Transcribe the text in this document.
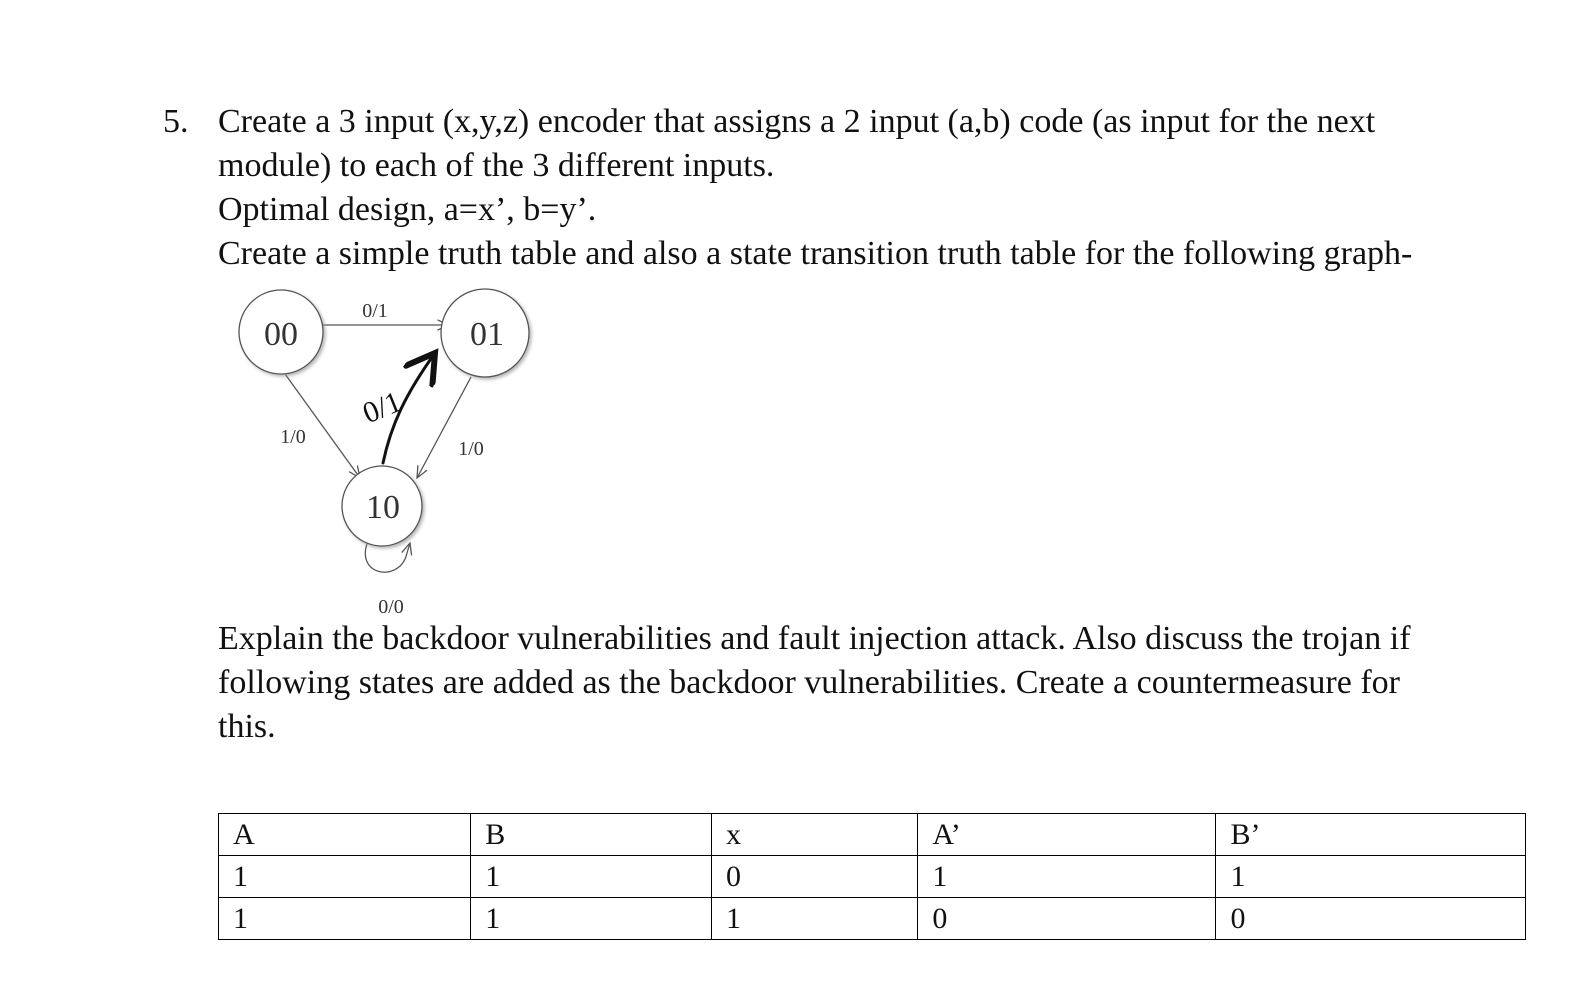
5. Create a 3 input (x,y,z) encoder that assigns a 2 input (a,b) code (as input for the next
module) to each of the 3 different inputs.
Optimal design, a=x’, b=y’.
Create a simple truth table and also a state transition truth table for the following graph-
00	01
10
0/1
1/0
1/0
0/0
0/1
Explain the backdoor vulnerabilities and fault injection attack. Also discuss the trojan if
following states are added as the backdoor vulnerabilities. Create a countermeasure for
this.
A	B	x	A’	B’
1	1	0	1	1
1	1	1	0	0
